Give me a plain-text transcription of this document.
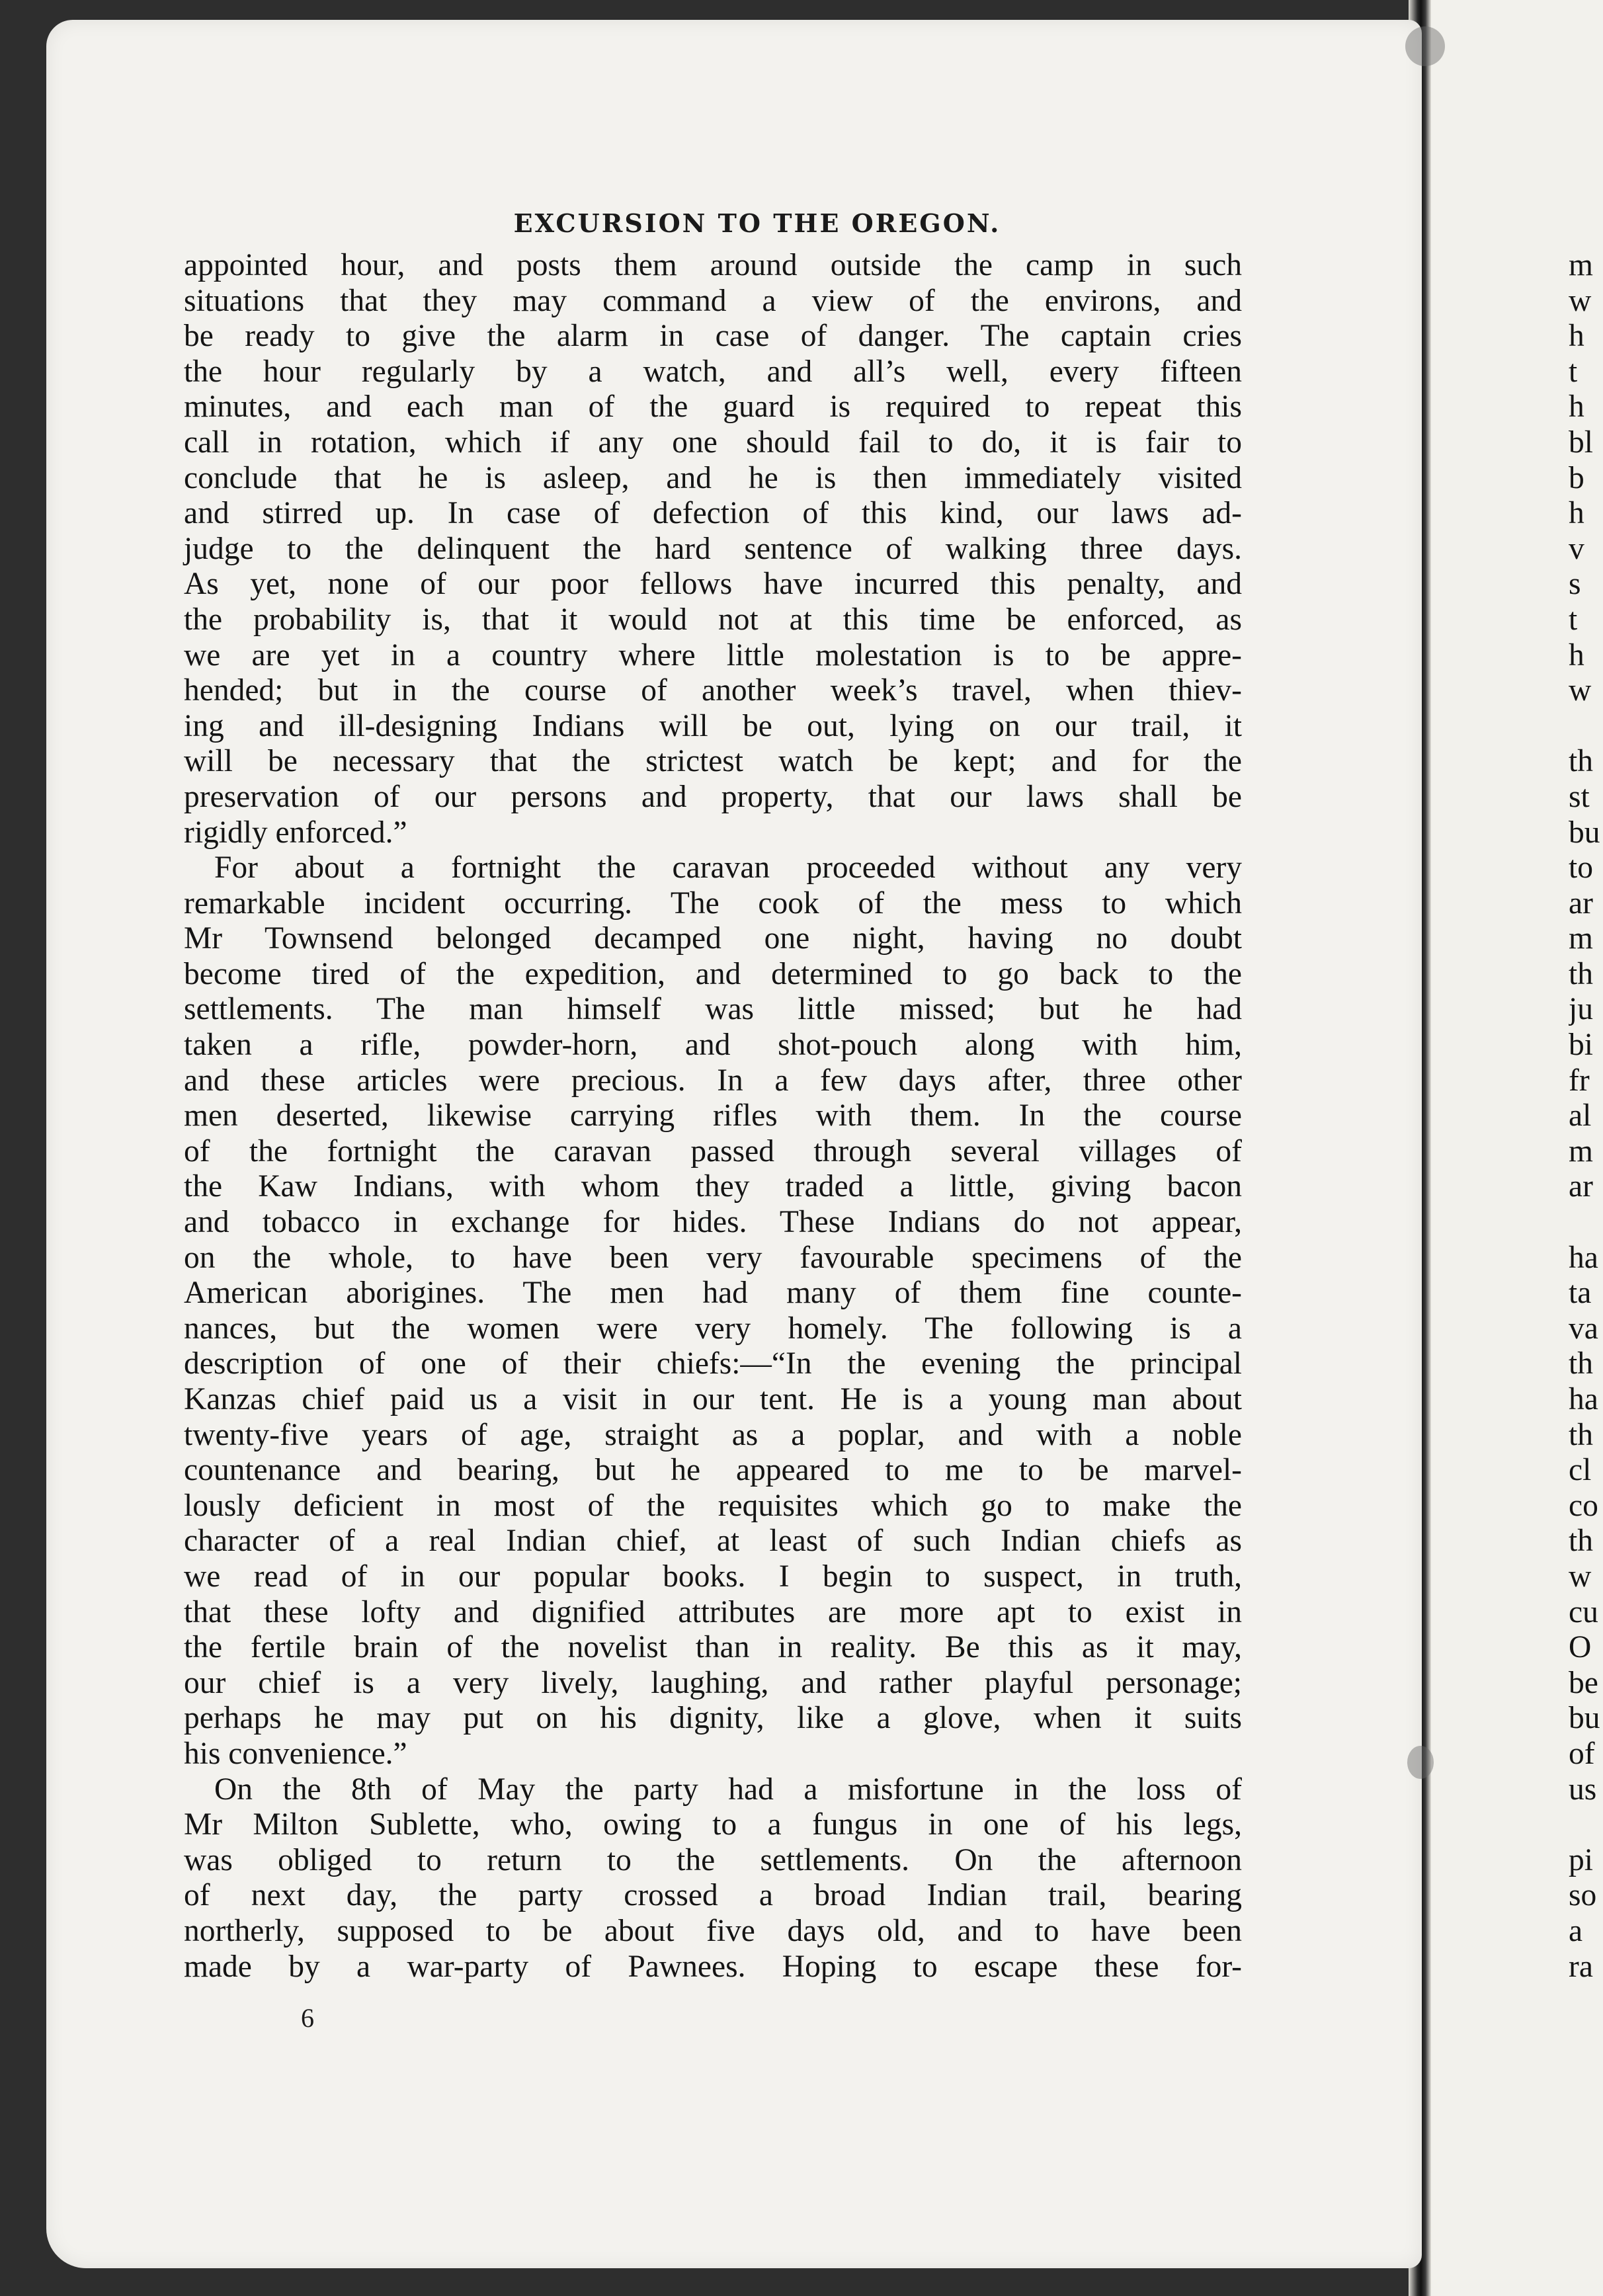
EXCURSION TO THE OREGON.
appointed hour, and posts them around outside the camp in such
situations that they may command a view of the environs, and
be ready to give the alarm in case of danger. The captain cries
the hour regularly by a watch, and all’s well, every fifteen
minutes, and each man of the guard is required to repeat this
call in rotation, which if any one should fail to do, it is fair to
conclude that he is asleep, and he is then immediately visited
and stirred up. In case of defection of this kind, our laws ad-
judge to the delinquent the hard sentence of walking three days.
As yet, none of our poor fellows have incurred this penalty, and
the probability is, that it would not at this time be enforced, as
we are yet in a country where little molestation is to be appre-
hended; but in the course of another week’s travel, when thiev-
ing and ill-designing Indians will be out, lying on our trail, it
will be necessary that the strictest watch be kept; and for the
preservation of our persons and property, that our laws shall be
rigidly enforced.”
For about a fortnight the caravan proceeded without any very
remarkable incident occurring. The cook of the mess to which
Mr Townsend belonged decamped one night, having no doubt
become tired of the expedition, and determined to go back to the
settlements. The man himself was little missed; but he had
taken a rifle, powder-horn, and shot-pouch along with him,
and these articles were precious. In a few days after, three other
men deserted, likewise carrying rifles with them. In the course
of the fortnight the caravan passed through several villages of
the Kaw Indians, with whom they traded a little, giving bacon
and tobacco in exchange for hides. These Indians do not appear,
on the whole, to have been very favourable specimens of the
American aborigines. The men had many of them fine counte-
nances, but the women were very homely. The following is a
description of one of their chiefs:—“In the evening the principal
Kanzas chief paid us a visit in our tent. He is a young man about
twenty-five years of age, straight as a poplar, and with a noble
countenance and bearing, but he appeared to me to be marvel-
lously deficient in most of the requisites which go to make the
character of a real Indian chief, at least of such Indian chiefs as
we read of in our popular books. I begin to suspect, in truth,
that these lofty and dignified attributes are more apt to exist in
the fertile brain of the novelist than in reality. Be this as it may,
our chief is a very lively, laughing, and rather playful personage;
perhaps he may put on his dignity, like a glove, when it suits
his convenience.”
On the 8th of May the party had a misfortune in the loss of
Mr Milton Sublette, who, owing to a fungus in one of his legs,
was obliged to return to the settlements. On the afternoon
of next day, the party crossed a broad Indian trail, bearing
northerly, supposed to be about five days old, and to have been
made by a war-party of Pawnees. Hoping to escape these for-
6
m
w
h
t
h
bl
b
h
v
s
t
h
w
th
st
bu
to
ar
m
th
ju
bi
fr
al
m
ar
ha
ta
va
th
ha
th
cl
co
th
w
cu
O
be
bu
of
us
pi
so
a
ra
